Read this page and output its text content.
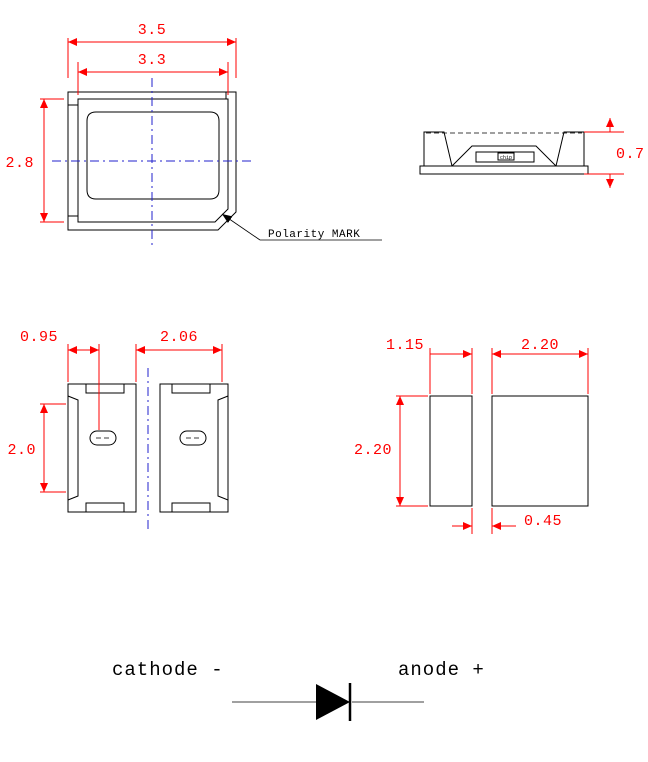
3.5
3.3
2.8
Polarity MARK
chip	0.7
0.95	2.06
2.0
1.15	2.20
2.20
0.45
cathode -	anode +
